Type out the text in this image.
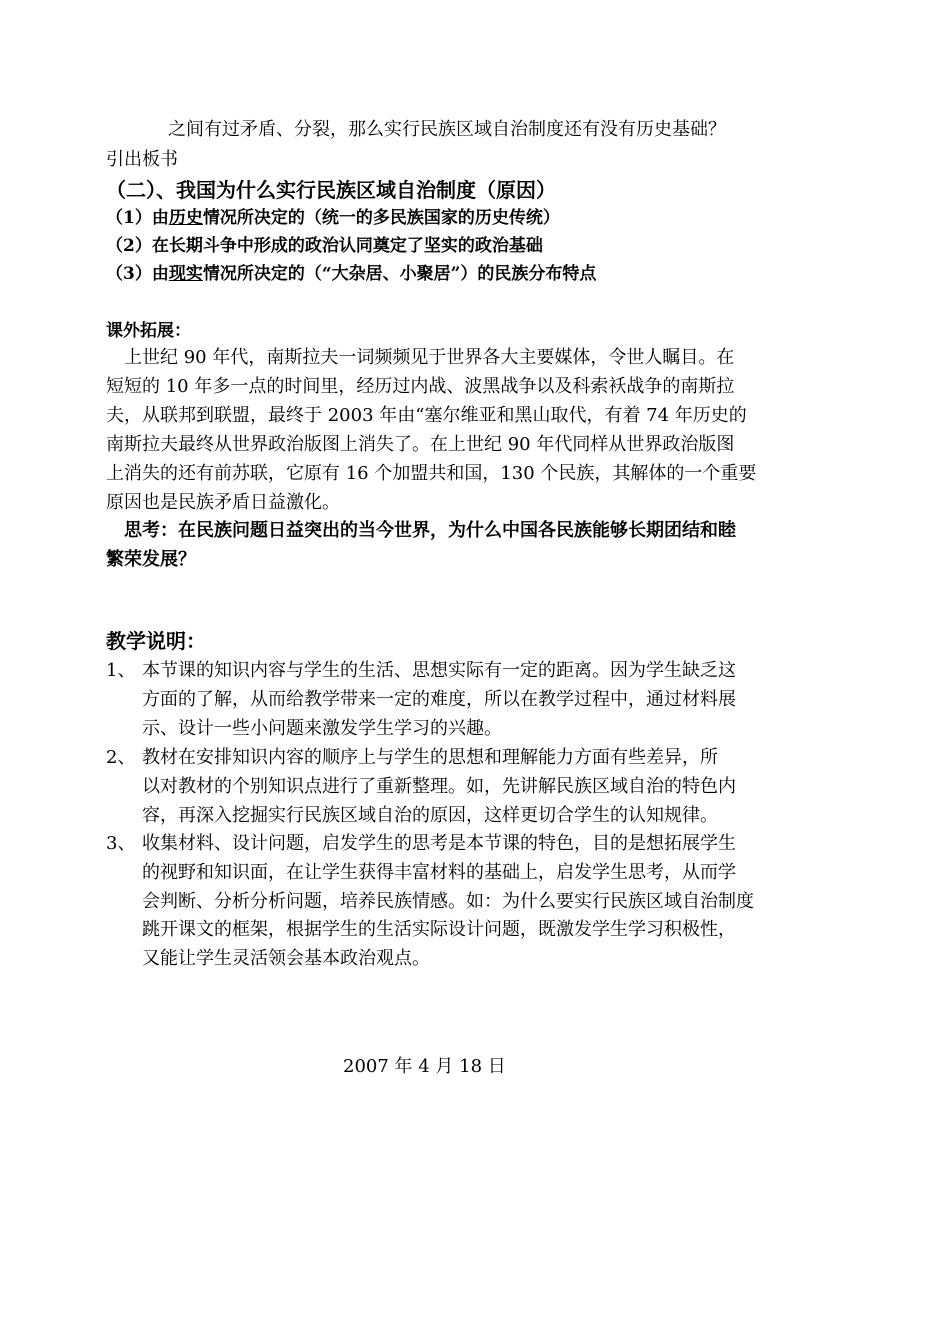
之间有过矛盾、分裂，那么实行民族区域自治制度还有没有历史基础？
引出板书
（二）、我国为什么实行民族区域自治制度（原因）
（1）由历史情况所决定的（统一的多民族国家的历史传统）
（2）在长期斗争中形成的政治认同奠定了坚实的政治基础
（3）由现实情况所决定的（“大杂居、小聚居”）的民族分布特点
课外拓展：
　上世纪 90 年代，南斯拉夫一词频频见于世界各大主要媒体，令世人瞩目。在
短短的 10 年多一点的时间里，经历过内战、波黑战争以及科索袄战争的南斯拉
夫，从联邦到联盟，最终于 2003 年由“塞尔维亚和黑山取代，有着 74 年历史的
南斯拉夫最终从世界政治版图上消失了。在上世纪 90 年代同样从世界政治版图
上消失的还有前苏联，它原有 16 个加盟共和国，130 个民族，其解体的一个重要
原因也是民族矛盾日益激化。
　思考：在民族问题日益突出的当今世界，为什么中国各民族能够长期团结和睦
繁荣发展？
教学说明：
1、 本节课的知识内容与学生的生活、思想实际有一定的距离。因为学生缺乏这
方面的了解，从而给教学带来一定的难度，所以在教学过程中，通过材料展
示、设计一些小问题来激发学生学习的兴趣。
2、 教材在安排知识内容的顺序上与学生的思想和理解能力方面有些差异，所
以对教材的个别知识点进行了重新整理。如，先讲解民族区域自治的特色内
容，再深入挖掘实行民族区域自治的原因，这样更切合学生的认知规律。
3、 收集材料、设计问题，启发学生的思考是本节课的特色，目的是想拓展学生
的视野和知识面，在让学生获得丰富材料的基础上，启发学生思考，从而学
会判断、分析分析问题，培养民族情感。如：为什么要实行民族区域自治制度
跳开课文的框架，根据学生的生活实际设计问题，既激发学生学习积极性，
又能让学生灵活领会基本政治观点。
2007 年 4 月 18 日
